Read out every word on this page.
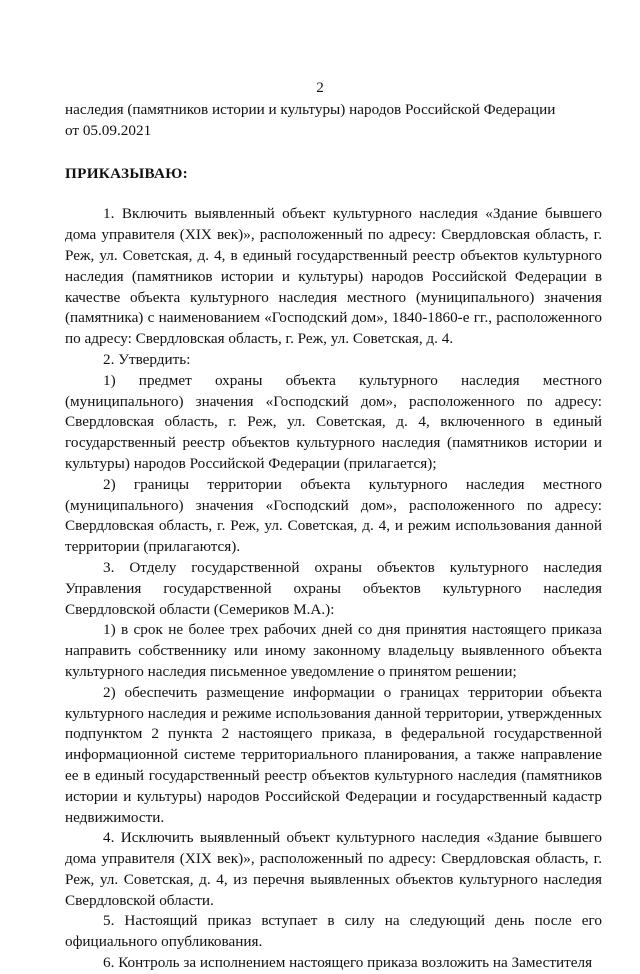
2

наследия (памятников истории и культуры) народов Российской Федерации

от 05.09.2021

ПРИКАЗЫВАЮ:

1. Включить выявленный объект культурного наследия «Здание бывшего дома управителя (XIX век)», расположенный по адресу: Свердловская область, г. Реж, ул. Советская, д. 4, в единый государственный реестр объектов культурного наследия (памятников истории и культуры) народов Российской Федерации в качестве объекта культурного наследия местного (муниципального) значения (памятника) с наименованием «Господский дом», 1840-1860-е гг., расположенного по адресу: Свердловская область, г. Реж, ул. Советская, д. 4.

2. Утвердить:

1) предмет охраны объекта культурного наследия местного (муниципального) значения «Господский дом», расположенного по адресу: Свердловская область, г. Реж, ул. Советская, д. 4, включенного в единый государственный реестр объектов культурного наследия (памятников истории и культуры) народов Российской Федерации (прилагается);

2) границы территории объекта культурного наследия местного (муниципального) значения «Господский дом», расположенного по адресу: Свердловская область, г. Реж, ул. Советская, д. 4, и режим использования данной территории (прилагаются).

3. Отделу государственной охраны объектов культурного наследия Управления государственной охраны объектов культурного наследия Свердловской области (Семериков М.А.):

1) в срок не более трех рабочих дней со дня принятия настоящего приказа направить собственнику или иному законному владельцу выявленного объекта культурного наследия письменное уведомление о принятом решении;

2) обеспечить размещение информации о границах территории объекта культурного наследия и режиме использования данной территории, утвержденных подпунктом 2 пункта 2 настоящего приказа, в федеральной государственной информационной системе территориального планирования, а также направление ее в единый государственный реестр объектов культурного наследия (памятников истории и культуры) народов Российской Федерации и государственный кадастр недвижимости.

4. Исключить выявленный объект культурного наследия «Здание бывшего дома управителя (XIX век)», расположенный по адресу: Свердловская область, г. Реж, ул. Советская, д. 4, из перечня выявленных объектов культурного наследия Свердловской области.

5. Настоящий приказ вступает в силу на следующий день после его официального опубликования.

6. Контроль за исполнением настоящего приказа возложить на Заместителя
